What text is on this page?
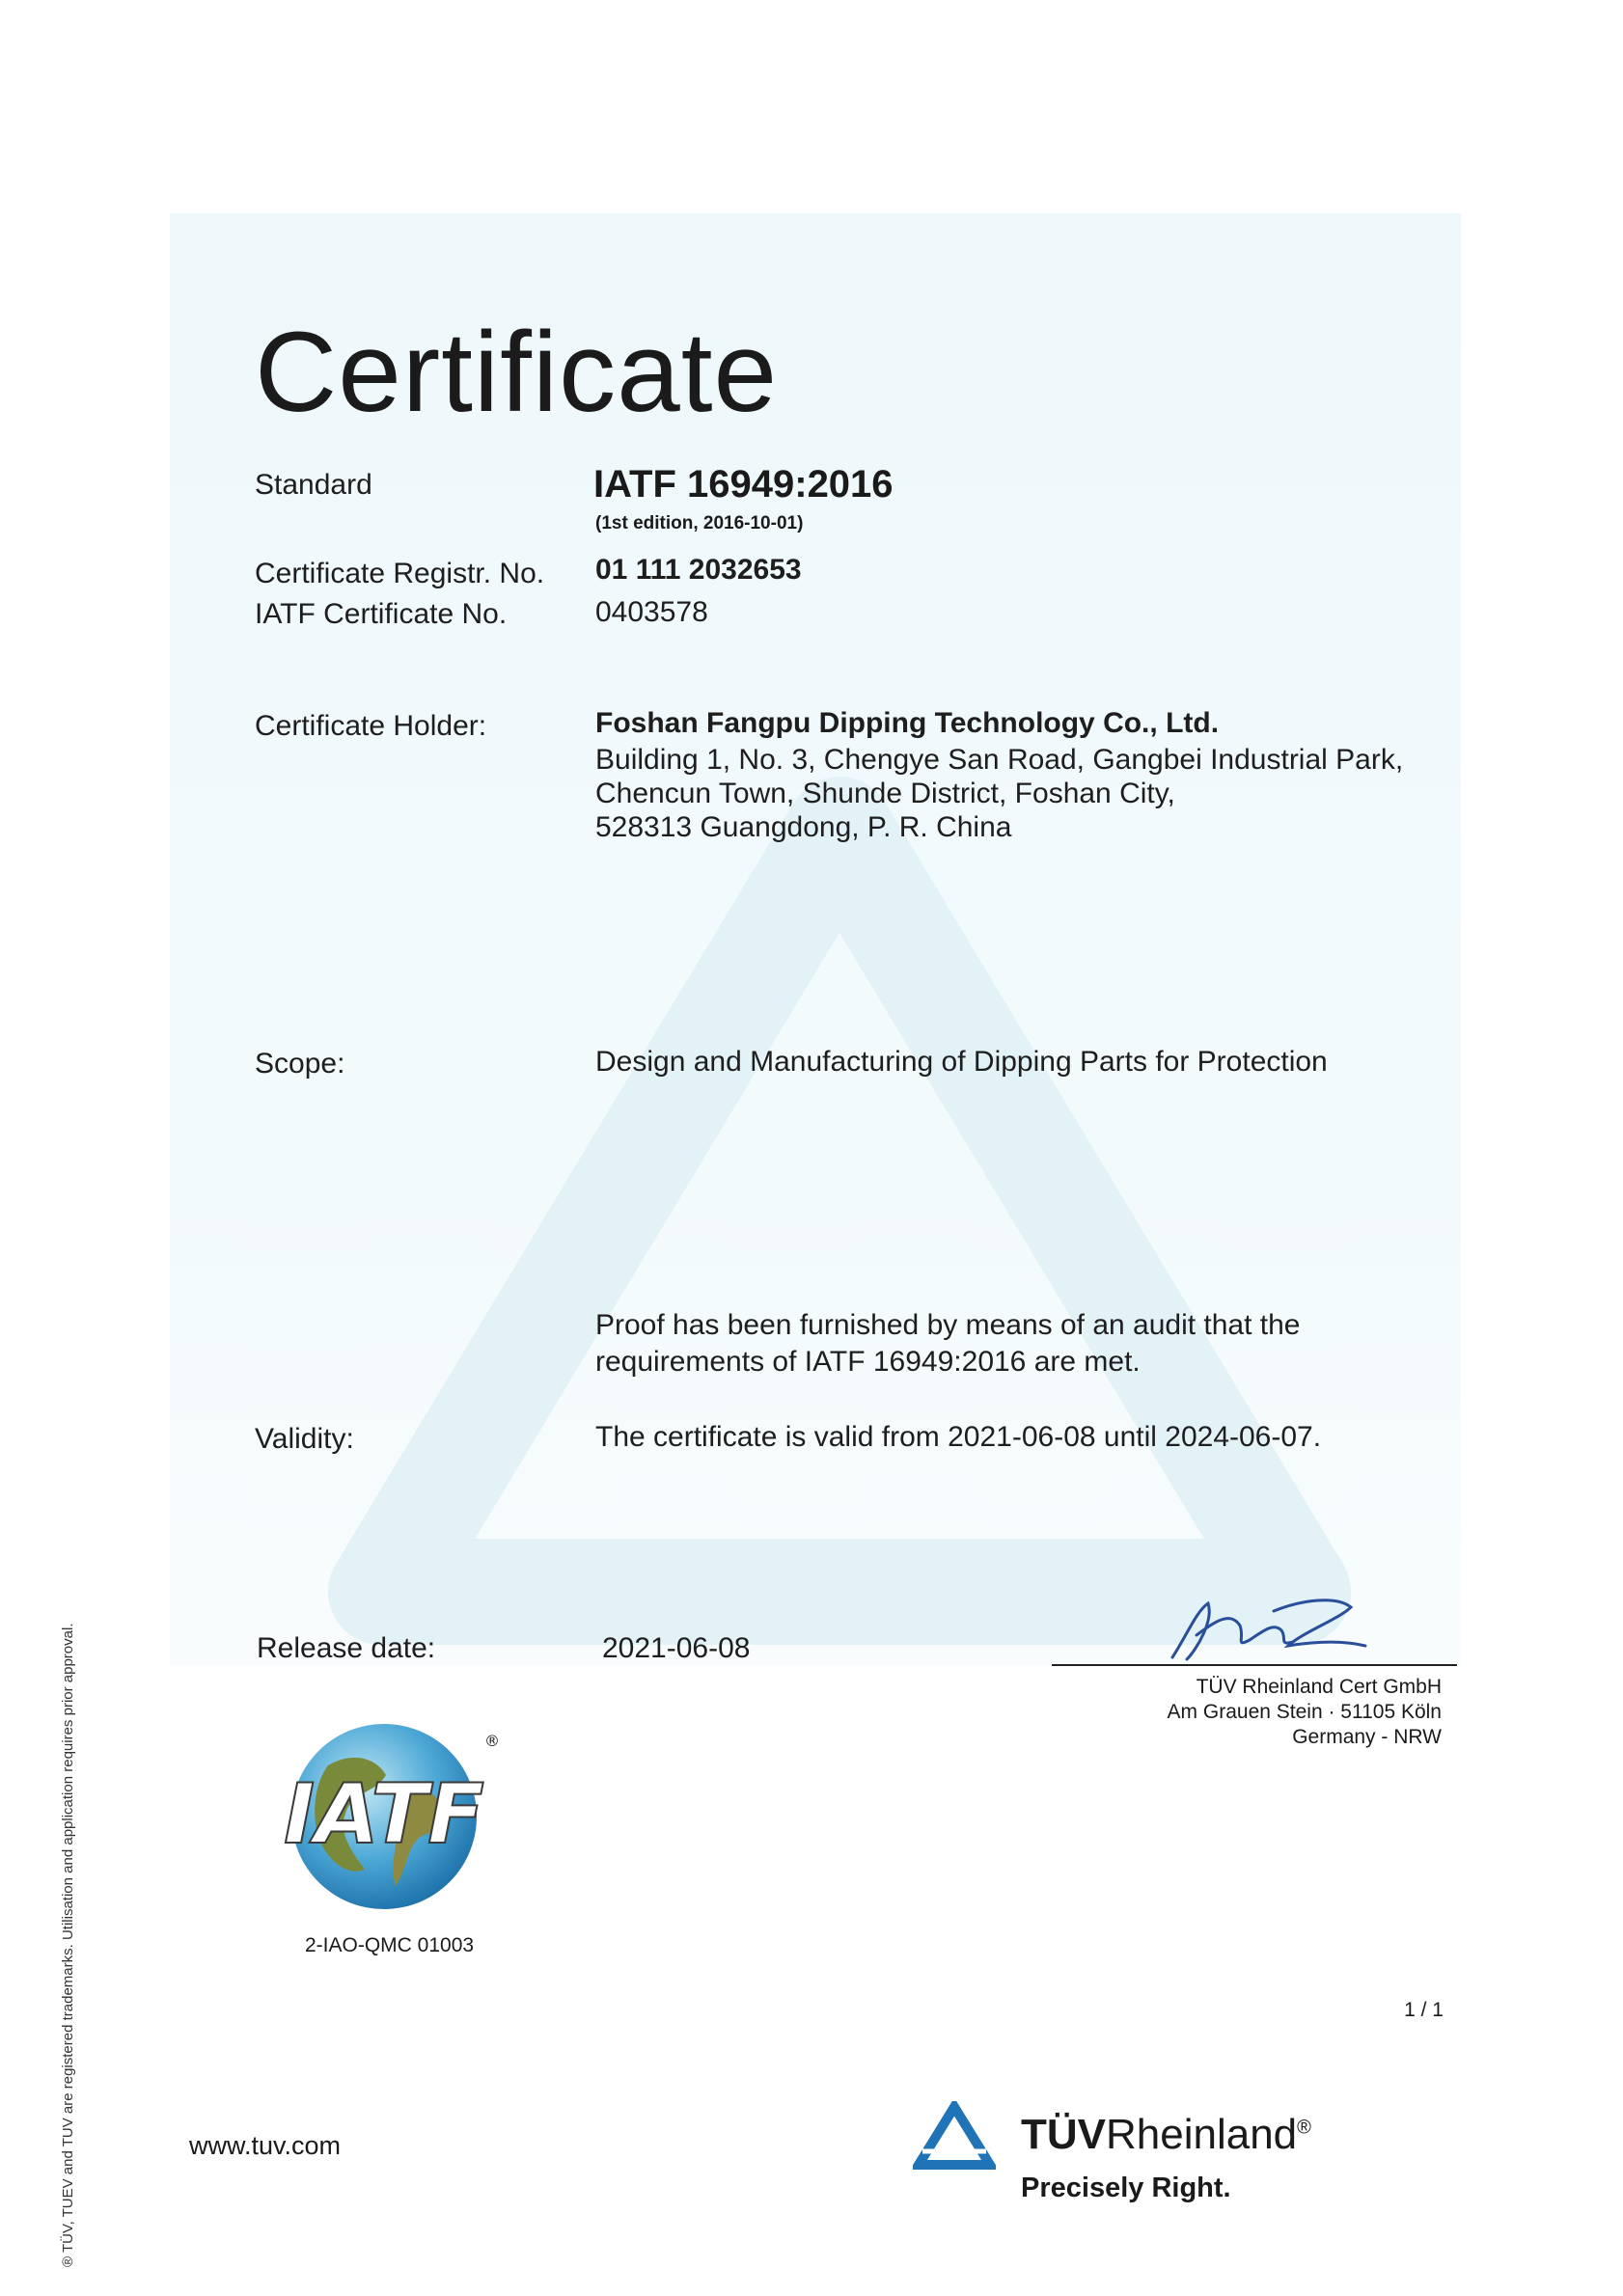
Certificate
Standard	IATF 16949:2016
(1st edition, 2016-10-01)
Certificate Registr. No. 01 111 2032653
IATF Certificate No.	0403578
Certificate Holder:	Foshan Fangpu Dipping Technology Co., Ltd.
Building 1, No. 3, Chengye San Road, Gangbei Industrial Park,
Chencun Town, Shunde District, Foshan City,
528313 Guangdong, P. R. China
Scope:	Design and Manufacturing of Dipping Parts for Protection
Proof has been furnished by means of an audit that the
requirements of IATF 16949:2016 are met.
Validity:	The certificate is valid from 2021-06-08 until 2024-06-07.
Release date:	2021-06-08
TÜV Rheinland Cert GmbH
Am Grauen Stein · 51105 Köln
Germany - NRW
IATF
®
2-IAO-QMC 01003
1 / 1
www.tuv.com	TÜVRheinland®
Precisely Right.
® TÜV, TUEV and TUV are registered trademarks. Utilisation and application requires prior approval.
